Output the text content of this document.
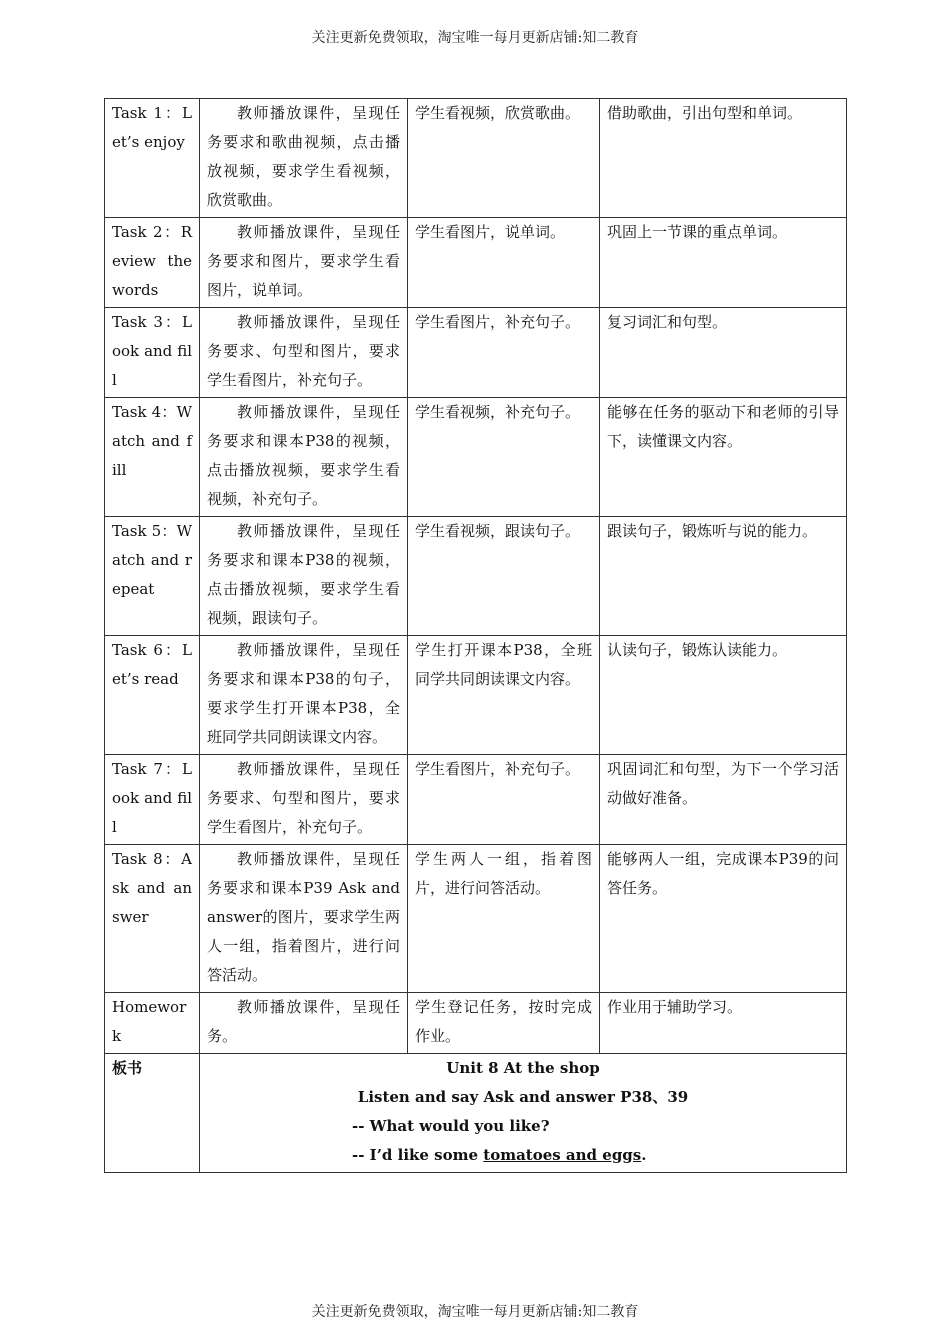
关注更新免费领取，淘宝唯一每月更新店铺:知二教育
Task 1：Let’s enjoy	教师播放课件，呈现任务要求和歌曲视频，点击播放视频，要求学生看视频，欣赏歌曲。	学生看视频，欣赏歌曲。	借助歌曲，引出句型和单词。
Task 2：Review the words	教师播放课件，呈现任务要求和图片，要求学生看图片，说单词。	学生看图片，说单词。	巩固上一节课的重点单词。
Task 3：Look and fill	教师播放课件，呈现任务要求、句型和图片，要求学生看图片，补充句子。	学生看图片，补充句子。	复习词汇和句型。
Task 4：Watch and fill	教师播放课件，呈现任务要求和课本P38的视频，点击播放视频，要求学生看视频，补充句子。	学生看视频，补充句子。	能够在任务的驱动下和老师的引导下，读懂课文内容。
Task 5：Watch and repeat	教师播放课件，呈现任务要求和课本P38的视频，点击播放视频，要求学生看视频，跟读句子。	学生看视频，跟读句子。	跟读句子，锻炼听与说的能力。
Task 6：Let’s read	教师播放课件，呈现任务要求和课本P38的句子，要求学生打开课本P38，全班同学共同朗读课文内容。	学生打开课本P38，全班同学共同朗读课文内容。	认读句子，锻炼认读能力。
Task 7：Look and fill	教师播放课件，呈现任务要求、句型和图片，要求学生看图片，补充句子。	学生看图片，补充句子。	巩固词汇和句型，为下一个学习活动做好准备。
Task 8：Ask and answer	教师播放课件，呈现任务要求和课本P39 Ask and answer的图片，要求学生两人一组，指着图片，进行问答活动。	学生两人一组，指着图片，进行问答活动。	能够两人一组，完成课本P39的问答任务。
Homework	教师播放课件，呈现任务。	学生登记任务，按时完成作业。	作业用于辅助学习。
板书	Unit 8 At the shop
Listen and say Ask and answer P38、39
-- What would you like?
-- I’d like some tomatoes and eggs.		
关注更新免费领取，淘宝唯一每月更新店铺:知二教育
